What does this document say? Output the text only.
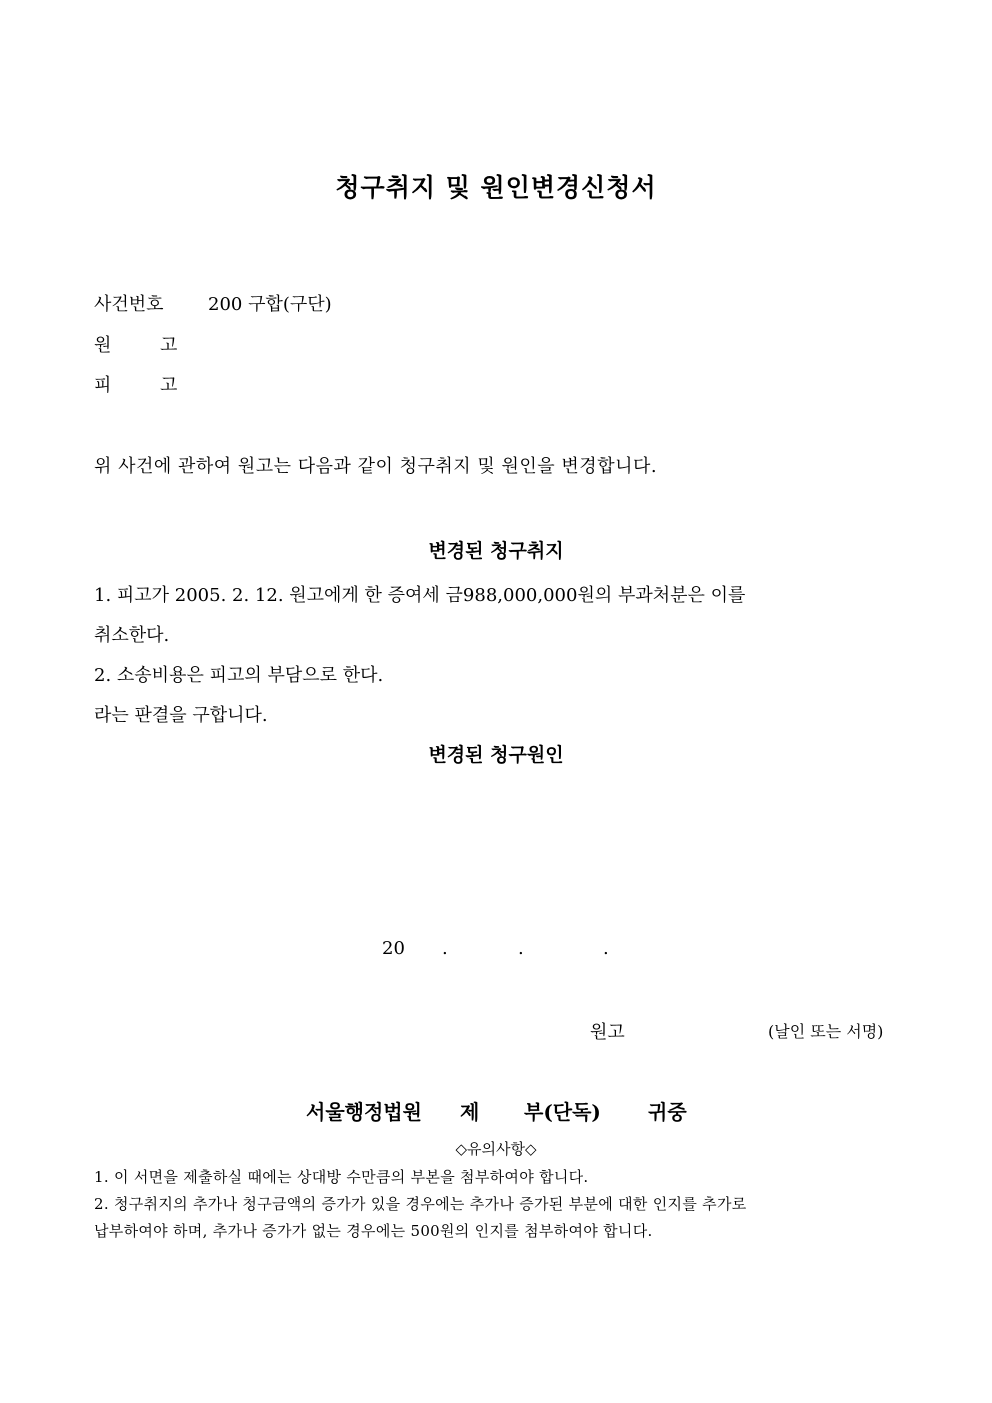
청구취지 및 원인변경신청서
사건번호 200 구합(구단)
원	고
피	고
위 사건에 관하여 원고는 다음과 같이 청구취지 및 원인을 변경합니다.
변경된 청구취지
1. 피고가 2005. 2. 12. 원고에게 한 증여세 금988,000,000원의 부과처분은 이를
취소한다.
2. 소송비용은 피고의 부담으로 한다.
라는 판결을 구합니다.
변경된 청구원인
20 .	.	.
원고	(날인 또는 서명)
서울행정법원 제 부(단독) 귀중
◇유의사항◇
1. 이 서면을 제출하실 때에는 상대방 수만큼의 부본을 첨부하여야 합니다.
2. 청구취지의 추가나 청구금액의 증가가 있을 경우에는 추가나 증가된 부분에 대한 인지를 추가로
납부하여야 하며, 추가나 증가가 없는 경우에는 500원의 인지를 첨부하여야 합니다.
